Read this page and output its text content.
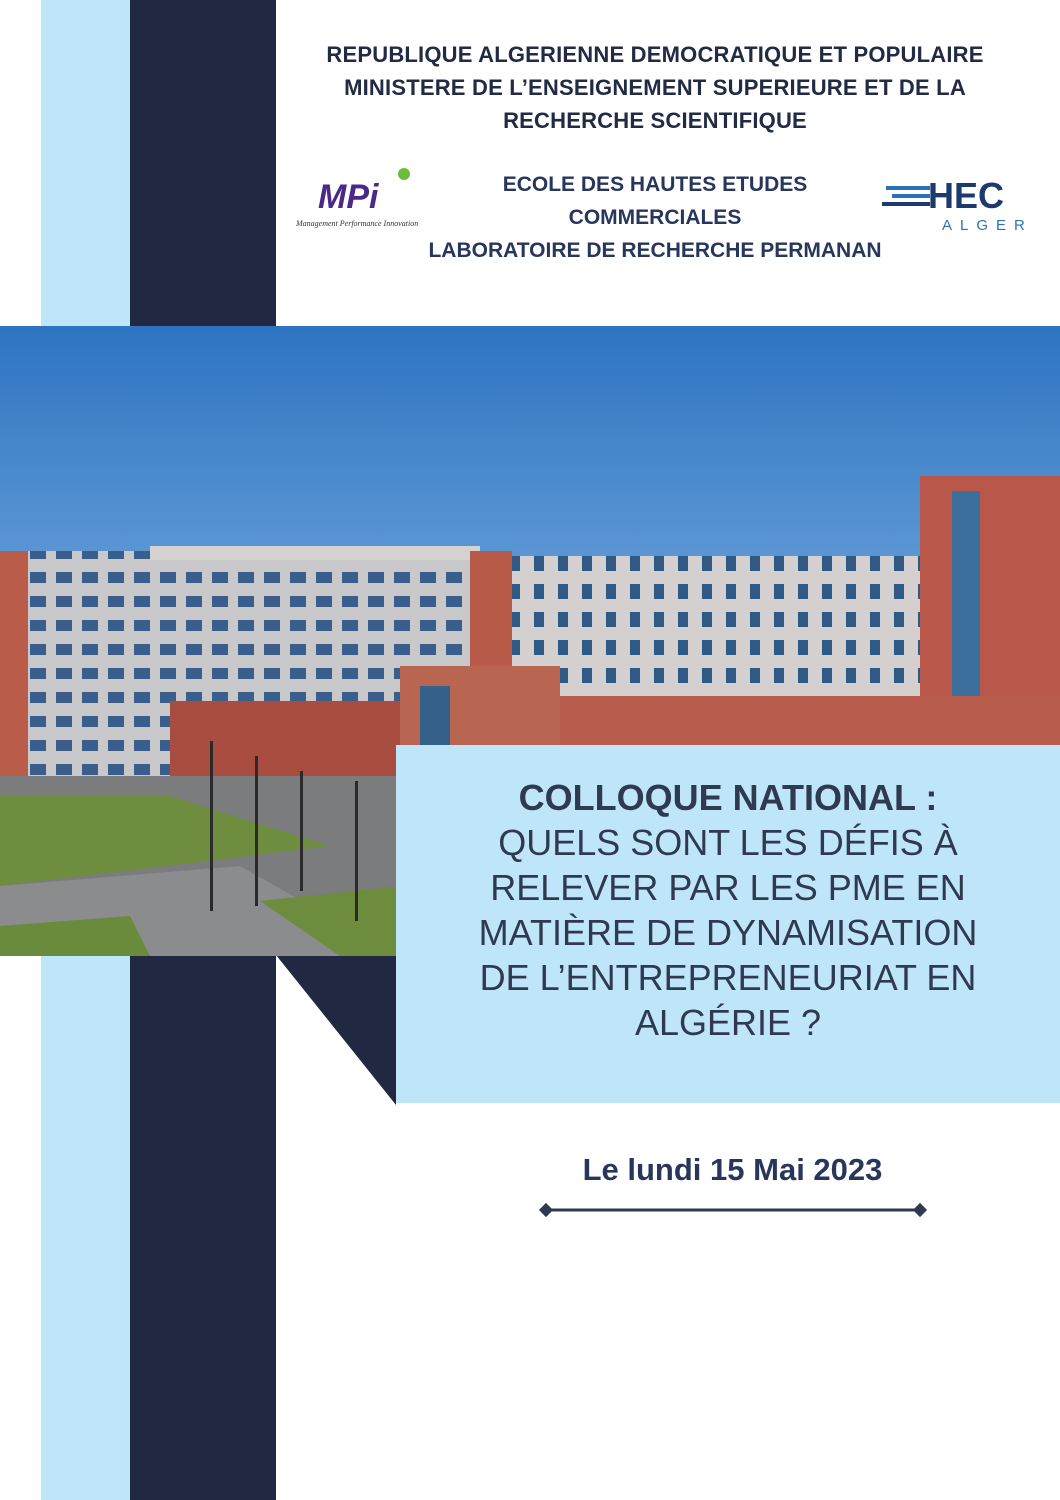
REPUBLIQUE ALGERIENNE DEMOCRATIQUE ET POPULAIRE
MINISTERE DE L’ENSEIGNEMENT SUPERIEURE ET DE LA
RECHERCHE SCIENTIFIQUE
MPi
Management Performance Innovation
ECOLE DES HAUTES ETUDES
COMMERCIALES
LABORATOIRE DE RECHERCHE PERMANAN
HEC
ALGER
COLLOQUE NATIONAL :
QUELS SONT LES DÉFIS À
RELEVER PAR LES PME EN
MATIÈRE DE DYNAMISATION
DE L’ENTREPRENEURIAT EN
ALGÉRIE ?
Le lundi 15 Mai 2023
